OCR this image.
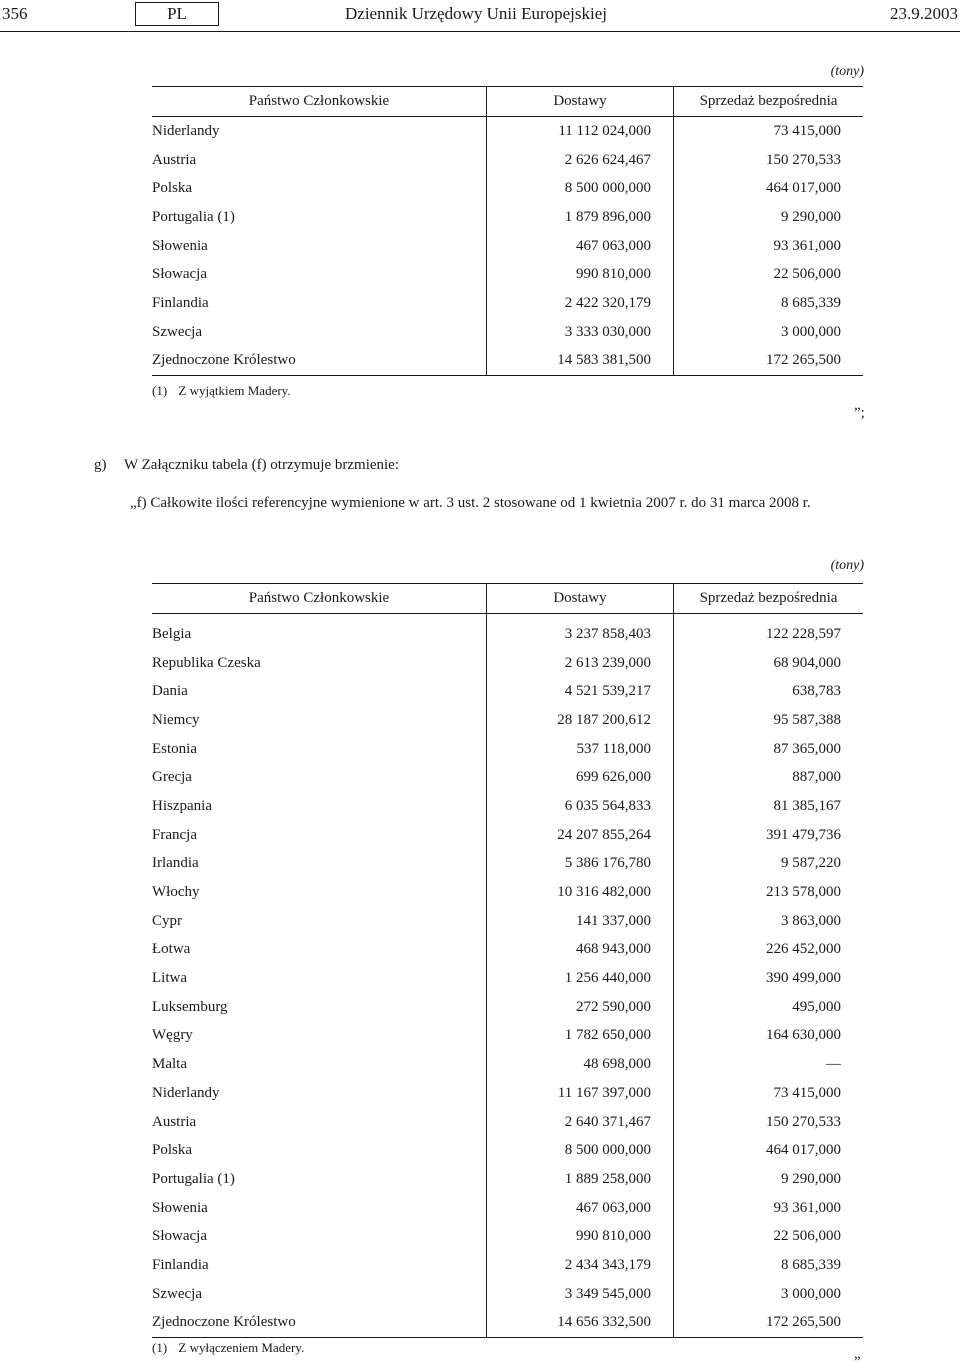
356	PL	Dziennik Urzędowy Unii Europejskiej	23.9.2003
(tony)
Państwo Członkowskie	Dostawy	Sprzedaż bezpośrednia
Niderlandy	11 112 024,000	73 415,000
Austria	2 626 624,467	150 270,533
Polska	8 500 000,000	464 017,000
Portugalia (1)	1 879 896,000	9 290,000
Słowenia	467 063,000	93 361,000
Słowacja	990 810,000	22 506,000
Finlandia	2 422 320,179	8 685,339
Szwecja	3 333 030,000	3 000,000
Zjednoczone Królestwo	14 583 381,500	172 265,500
(1) Z wyjątkiem Madery.
”;
g) W Załączniku tabela (f) otrzymuje brzmienie:
„f) Całkowite ilości referencyjne wymienione w art. 3 ust. 2 stosowane od 1 kwietnia 2007 r. do 31 marca 2008 r.
(tony)
Państwo Członkowskie	Dostawy	Sprzedaż bezpośrednia

Belgia	3 237 858,403	122 228,597
Republika Czeska	2 613 239,000	68 904,000
Dania	4 521 539,217	638,783
Niemcy	28 187 200,612	95 587,388
Estonia	537 118,000	87 365,000
Grecja	699 626,000	887,000
Hiszpania	6 035 564,833	81 385,167
Francja	24 207 855,264	391 479,736
Irlandia	5 386 176,780	9 587,220
Włochy	10 316 482,000	213 578,000
Cypr	141 337,000	3 863,000
Łotwa	468 943,000	226 452,000
Litwa	1 256 440,000	390 499,000
Luksemburg	272 590,000	495,000
Węgry	1 782 650,000	164 630,000
Malta	48 698,000	—
Niderlandy	11 167 397,000	73 415,000
Austria	2 640 371,467	150 270,533
Polska	8 500 000,000	464 017,000
Portugalia (1)	1 889 258,000	9 290,000
Słowenia	467 063,000	93 361,000
Słowacja	990 810,000	22 506,000
Finlandia	2 434 343,179	8 685,339
Szwecja	3 349 545,000	3 000,000
Zjednoczone Królestwo	14 656 332,500	172 265,500
(1) Z wyłączeniem Madery.
”
